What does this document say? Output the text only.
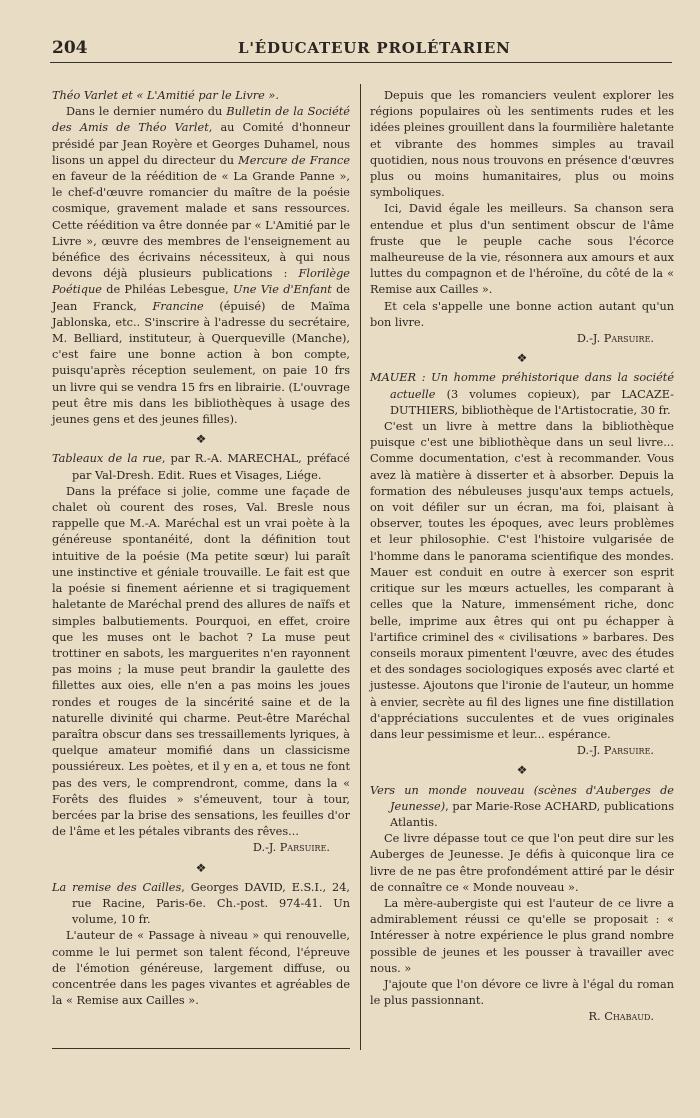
204	L'ÉDUCATEUR PROLÉTARIEN

Théo Varlet et « L'Amitié par le Livre ».

Dans le dernier numéro du Bulletin de la Société des Amis de Théo Varlet, au Comité d'honneur présidé par Jean Royère et Georges Duhamel, nous lisons un appel du directeur du Mercure de France en faveur de la réédition de « La Grande Panne », le chef-d'œuvre romancier du maître de la poésie cosmique, gravement malade et sans ressources. Cette réédition va être donnée par « L'Amitié par le Livre », œuvre des membres de l'enseignement au bénéfice des écrivains nécessiteux, à qui nous devons déjà plusieurs publications : Florilège Poétique de Philéas Lebesgue, Une Vie d'Enfant de Jean Franck, Francine (épuisé) de Maïma Jablonska, etc.. S'inscrire à l'adresse du secrétaire, M. Belliard, instituteur, à Querqueville (Manche), c'est faire une bonne action à bon compte, puisqu'après réception seulement, on paie 10 frs un livre qui se vendra 15 frs en librairie. (L'ouvrage peut être mis dans les bibliothèques à usage des jeunes gens et des jeunes filles).

❖

Tableaux de la rue, par R.-A. MARECHAL, préfacé par Val-Dresh. Edit. Rues et Visages, Liége.

Dans la préface si jolie, comme une façade de chalet où courent des roses, Val. Bresle nous rappelle que M.-A. Maréchal est un vrai poète à la généreuse spontanéité, dont la définition tout intuitive de la poésie (Ma petite sœur) lui paraît une instinctive et géniale trouvaille. Le fait est que la poésie si finement aérienne et si tragiquement haletante de Maréchal prend des allures de naïfs et simples balbutiements. Pourquoi, en effet, croire que les muses ont le bachot ? La muse peut trottiner en sabots, les marguerites n'en rayonnent pas moins ; la muse peut brandir la gaulette des fillettes aux oies, elle n'en a pas moins les joues rondes et rouges de la sincérité saine et de la naturelle divinité qui charme. Peut-être Maréchal paraîtra obscur dans ses tressaillements lyriques, à quelque amateur momifié dans un classicisme poussiéreux. Les poètes, et il y en a, et tous ne font pas des vers, le comprendront, comme, dans la « Forêts des fluides » s'émeuvent, tour à tour, bercées par la brise des sensations, les feuilles d'or de l'âme et les pétales vibrants des rêves...

D.-J. Parsuire.

❖

La remise des Cailles, Georges DAVID, E.S.I., 24, rue Racine, Paris-6e. Ch.-post. 974-41. Un volume, 10 fr.

L'auteur de « Passage à niveau » qui renouvelle, comme le lui permet son talent fécond, l'épreuve de l'émotion généreuse, largement diffuse, ou concentrée dans les pages vivantes et agréables de la « Remise aux Cailles ».

Depuis que les romanciers veulent explorer les régions populaires où les sentiments rudes et les idées pleines grouillent dans la fourmilière haletante et vibrante des hommes simples au travail quotidien, nous nous trouvons en présence d'œuvres plus ou moins humanitaires, plus ou moins symboliques.

Ici, David égale les meilleurs. Sa chanson sera entendue et plus d'un sentiment obscur de l'âme fruste que le peuple cache sous l'écorce malheureuse de la vie, résonnera aux amours et aux luttes du compagnon et de l'héroïne, du côté de la « Remise aux Cailles ».

Et cela s'appelle une bonne action autant qu'un bon livre.

D.-J. Parsuire.

❖

MAUER : Un homme préhistorique dans la société actuelle (3 volumes copieux), par LACAZE-DUTHIERS, bibliothèque de l'Artistocratie, 30 fr.

C'est un livre à mettre dans la bibliothèque puisque c'est une bibliothèque dans un seul livre... Comme documentation, c'est à recommander. Vous avez là matière à disserter et à absorber. Depuis la formation des nébuleuses jusqu'aux temps actuels, on voit défiler sur un écran, ma foi, plaisant à observer, toutes les époques, avec leurs problèmes et leur philosophie. C'est l'histoire vulgarisée de l'homme dans le panorama scientifique des mondes. Mauer est conduit en outre à exercer son esprit critique sur les mœurs actuelles, les comparant à celles que la Nature, immensément riche, donc belle, imprime aux êtres qui ont pu échapper à l'artifice criminel des « civilisations » barbares. Des conseils moraux pimentent l'œuvre, avec des études et des sondages sociologiques exposés avec clarté et justesse. Ajoutons que l'ironie de l'auteur, un homme à envier, secrète au fil des lignes une fine distillation d'appréciations succulentes et de vues originales dans leur pessimisme et leur... espérance.

D.-J. Parsuire.

❖

Vers un monde nouveau (scènes d'Auberges de Jeunesse), par Marie-Rose ACHARD, publications Atlantis.

Ce livre dépasse tout ce que l'on peut dire sur les Auberges de Jeunesse. Je défis à quiconque lira ce livre de ne pas être profondément attiré par le désir de connaître ce « Monde nouveau ».

La mère-aubergiste qui est l'auteur de ce livre a admirablement réussi ce qu'elle se proposait : « Intéresser à notre expérience le plus grand nombre possible de jeunes et les pousser à travailler avec nous. »

J'ajoute que l'on dévore ce livre à l'égal du roman le plus passionnant.

R. Chabaud.
